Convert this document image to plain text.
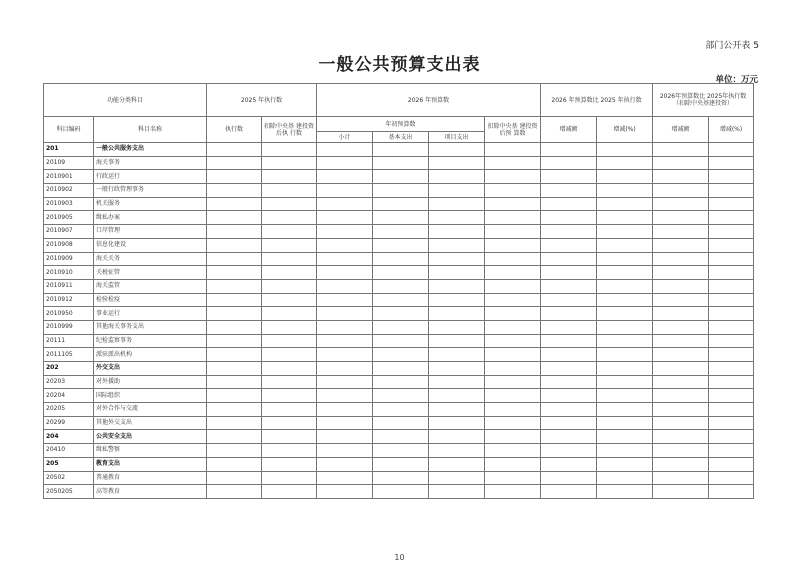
部门公开表 5
一般公共预算支出表
单位：万元
功能分类科目		2025 年执行数		2026 年预算数				2026 年预算数比 2025 年执行数		2026年预算数比 2025年执行数 （扣除中央基建投资）	
科目编码	科目名称	执行数	扣除中央基 建投资后执 行数	年初预算数			扣除中央基 建投资后预 算数	增减额	增减(%)	增减额	增减(%)
				小计	基本支出	项目支出					
201	一般公共服务支出										
20109	海关事务										
2010901	行政运行										
2010902	一般行政管理事务										
2010903	机关服务										
2010905	缉私办案										
2010907	口岸管理										
2010908	信息化建设										
2010909	海关关务										
2010910	关税征管										
2010911	海关监管										
2010912	检验检疫										
2010950	事业运行										
2010999	其他海关事务支出										
20111	纪检监察事务										
2011105	派驻派出机构										
202	外交支出										
20203	对外援助										
20204	国际组织										
20205	对外合作与交流										
20299	其他外交支出										
204	公共安全支出										
20410	缉私警察										
205	教育支出										
20502	普通教育										
2050205	高等教育										
10
